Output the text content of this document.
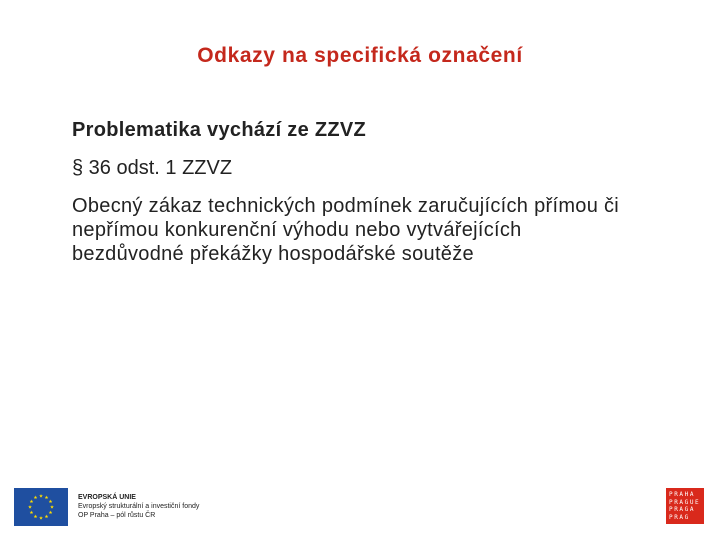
Odkazy na specifická označení

Problematika vychází ze ZZVZ

§ 36 odst. 1 ZZVZ

Obecný zákaz technických podmínek zaručujících přímou či nepřímou konkurenční výhodu nebo vytvářejících bezdůvodné překážky hospodářské soutěže

EVROPSKÁ UNIE
Evropský strukturální a investiční fondy
OP Praha – pól růstu ČR
PRAHA
PRAGUE
PRAGA
PRAG
